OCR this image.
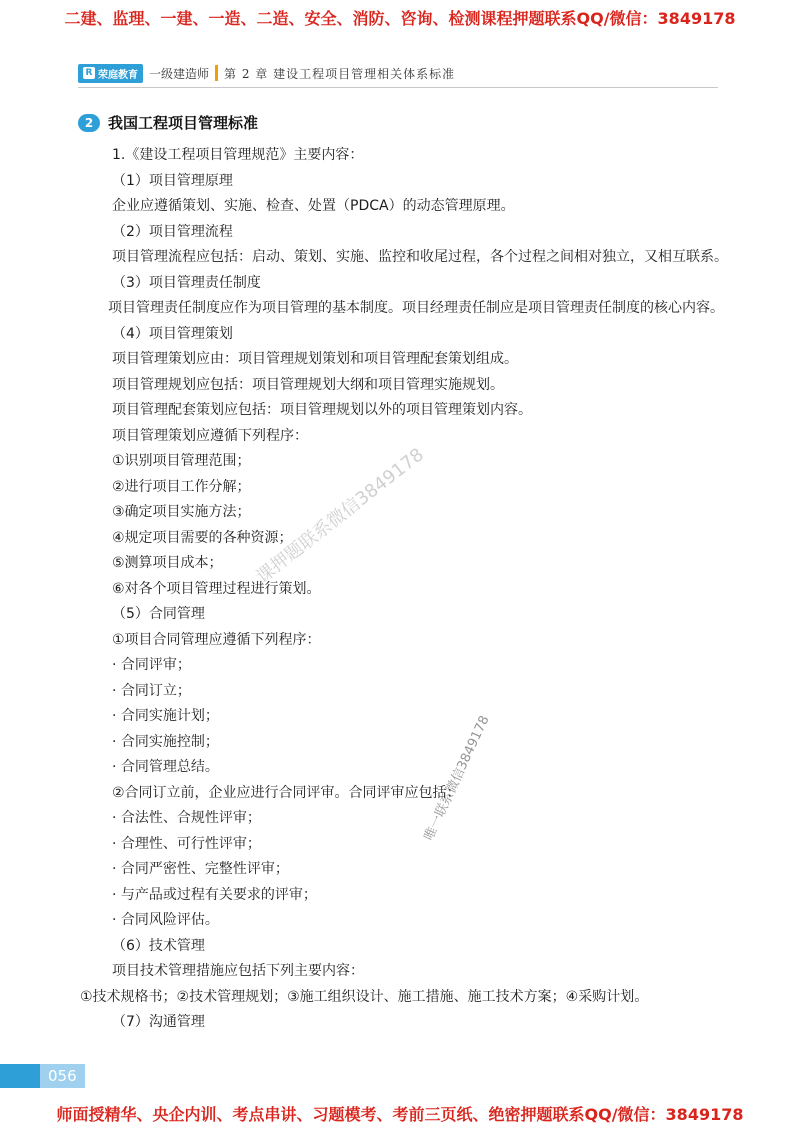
二建、监理、一建、一造、二造、安全、消防、咨询、检测课程押题联系QQ/微信：3849178
R 荣庭教育 一级建造师 第 2 章 建设工程项目管理相关体系标准
2 我国工程项目管理标准

1.《建设工程项目管理规范》主要内容：

（1）项目管理原理

企业应遵循策划、实施、检查、处置（PDCA）的动态管理原理。

（2）项目管理流程

项目管理流程应包括：启动、策划、实施、监控和收尾过程，各个过程之间相对独立，又相互联系。

（3）项目管理责任制度

项目管理责任制度应作为项目管理的基本制度。项目经理责任制应是项目管理责任制度的核心内容。

（4）项目管理策划

项目管理策划应由：项目管理规划策划和项目管理配套策划组成。

项目管理规划应包括：项目管理规划大纲和项目管理实施规划。

项目管理配套策划应包括：项目管理规划以外的项目管理策划内容。

项目管理策划应遵循下列程序：

①识别项目管理范围；

②进行项目工作分解；

③确定项目实施方法；

④规定项目需要的各种资源；

⑤测算项目成本；

⑥对各个项目管理过程进行策划。

（5）合同管理

①项目合同管理应遵循下列程序：

· 合同评审；

· 合同订立；

· 合同实施计划；

· 合同实施控制；

· 合同管理总结。

②合同订立前，企业应进行合同评审。合同评审应包括：

· 合法性、合规性评审；

· 合理性、可行性评审；

· 合同严密性、完整性评审；

· 与产品或过程有关要求的评审；

· 合同风险评估。

（6）技术管理

项目技术管理措施应包括下列主要内容：

①技术规格书；②技术管理规划；③施工组织设计、施工措施、施工技术方案；④采购计划。

（7）沟通管理

课押题联系微信3849178
唯一联系微信3849178
056
师面授精华、央企内训、考点串讲、习题模考、考前三页纸、绝密押题联系QQ/微信：3849178
